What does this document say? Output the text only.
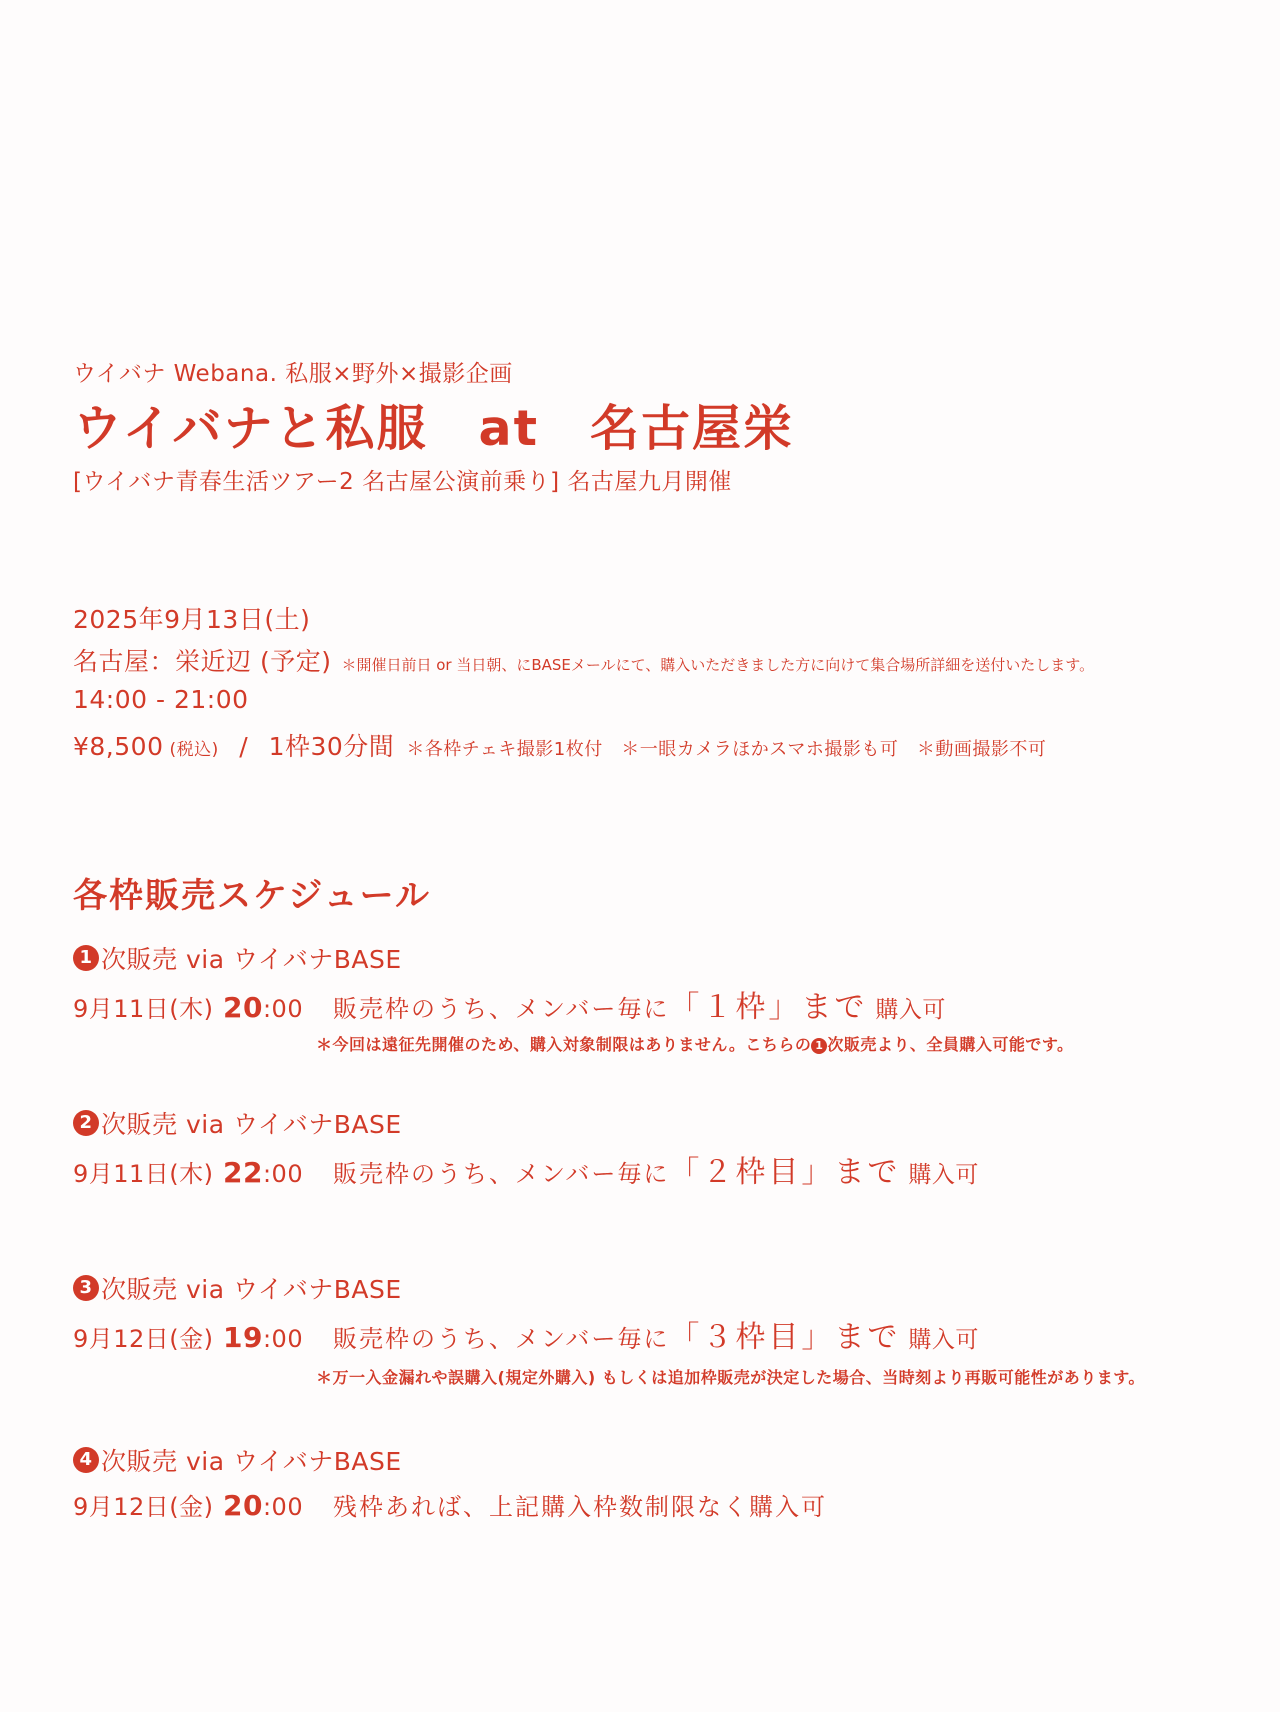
ウイバナ Webana. 私服×野外×撮影企画
ウイバナと私服　at　名古屋栄
[ウイバナ青春生活ツアー2 名古屋公演前乗り] 名古屋九月開催
2025年9月13日(土)
名古屋：栄近辺 (予定) ＊開催日前日 or 当日朝、にBASEメールにて、購入いただきました方に向けて集合場所詳細を送付いたします。
14:00 - 21:00
¥8,500 (税込) / 1枠30分間 ＊各枠チェキ撮影1枚付　＊一眼カメラほかスマホ撮影も可　＊動画撮影不可
各枠販売スケジュール
1 次販売 via ウイバナBASE
9月11日(木) 20:00	販売枠のうち、メンバー毎に 「１枠」まで 購入可
＊今回は遠征先開催のため、購入対象制限はありません。こちらの 1 次販売より、全員購入可能です。
2 次販売 via ウイバナBASE
9月11日(木) 22:00	販売枠のうち、メンバー毎に 「２枠目」まで 購入可
3 次販売 via ウイバナBASE
9月12日(金) 19:00	販売枠のうち、メンバー毎に 「３枠目」まで 購入可
＊万一入金漏れや誤購入(規定外購入) もしくは追加枠販売が決定した場合、当時刻より再販可能性があります。
4 次販売 via ウイバナBASE
9月12日(金) 20:00	残枠あれば、上記購入枠数制限なく購入可
